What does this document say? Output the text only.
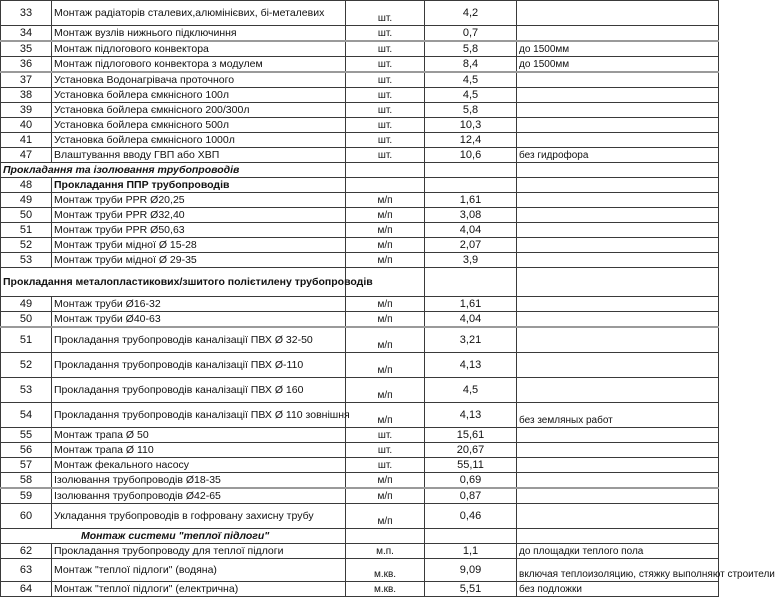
33	Монтаж радіаторів сталевих,алюмінієвих, бі-металевих	шт.	4,2	
34	Монтаж вузлів нижнього підключиння	шт.	0,7	
35	Монтаж підлогового конвектора	шт.	5,8	до 1500мм
36	Монтаж підлогового конвектора з модулем	шт.	8,4	до 1500мм
37	Установка Водонагрівача проточного	шт.	4,5	
38	Установка бойлера ємкнісного 100л	шт.	4,5	
39	Установка бойлера ємкнісного 200/300л	шт.	5,8	
40	Установка бойлера ємкнісного 500л	шт.	10,3	
41	Установка бойлера ємкнісного 1000л	шт.	12,4	
47	Влаштування вводу ГВП або ХВП	шт.	10,6	без гидрофора
Прокладання та ізолювання трубопроводів			
48	Прокладання ППР трубопроводів			
49	Монтаж труби PPR Ø20,25	м/п	1,61	
50	Монтаж труби PPR Ø32,40	м/п	3,08	
51	Монтаж труби PPR Ø50,63	м/п	4,04	
52	Монтаж труби мідної Ø 15-28	м/п	2,07	
53	Монтаж труби мідної Ø 29-35	м/п	3,9	
Прокладання металопластикових/зшитого полієтилену трубопроводів			
49	Монтаж труби Ø16-32	м/п	1,61	
50	Монтаж труби Ø40-63	м/п	4,04	
51	Прокладання трубопроводів каналізації ПВХ Ø 32-50	м/п	3,21	
52	Прокладання трубопроводів каналізації ПВХ Ø-110	м/п	4,13	
53	Прокладання трубопроводів каналізації ПВХ Ø 160	м/п	4,5	
54	Прокладання трубопроводів каналізації ПВХ Ø 110 зовнішня	м/п	4,13	без земляных работ
55	Монтаж трапа Ø 50	шт.	15,61	
56	Монтаж трапа Ø 110	шт.	20,67	
57	Монтаж фекального насосу	шт.	55,11	
58	Ізолювання трубопроводів Ø18-35	м/п	0,69	
59	Ізолювання трубопроводів Ø42-65	м/п	0,87	
60	Укладання трубопроводів в гофровану захисну трубу	м/п	0,46	
Монтаж системи "теплої підлоги"			
62	Прокладання трубопроводу для теплої підлоги	м.п.	1,1	до площадки теплого пола
63	Монтаж "теплої підлоги" (водяна)	м.кв.	9,09	включая теплоизоляцию, стяжку выполняют строители
64	Монтаж "теплої підлоги" (електрична)	м.кв.	5,51	без подложки
